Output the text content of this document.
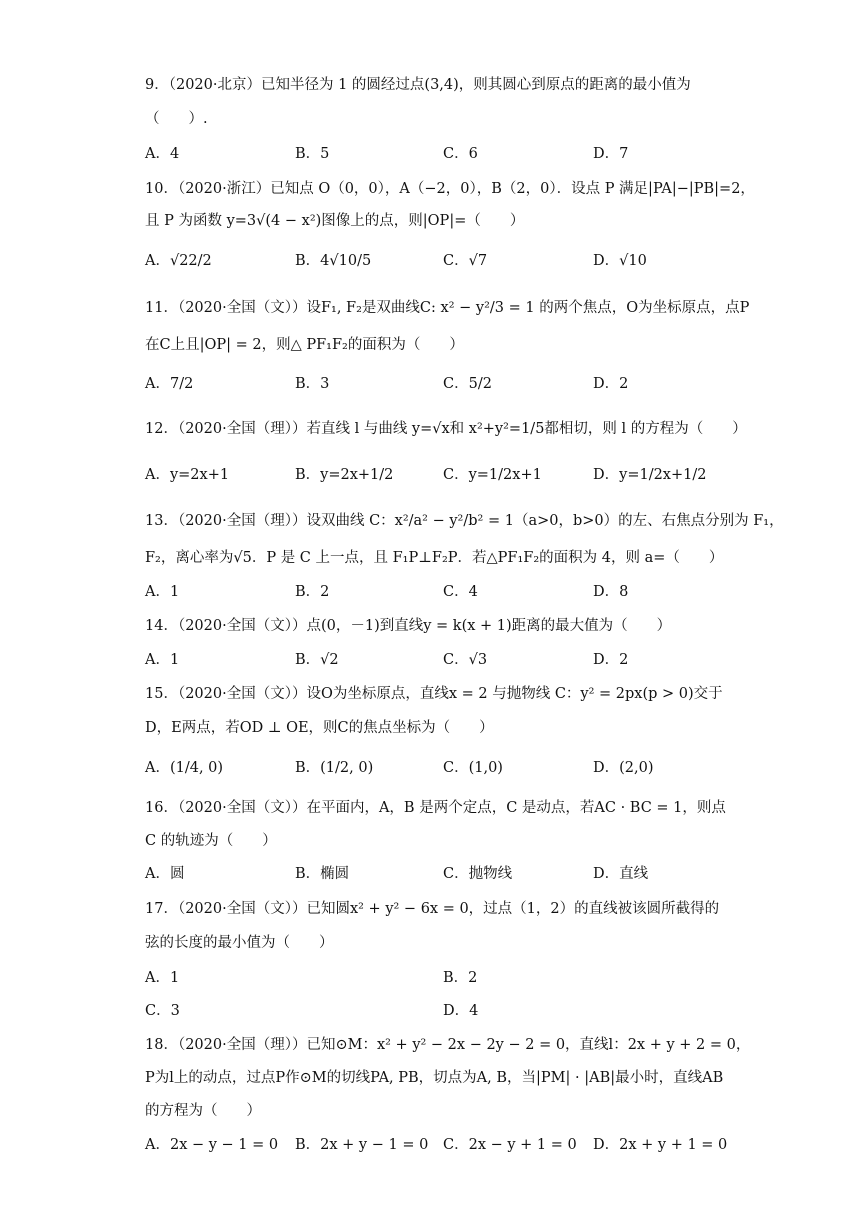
9．（2020·北京）已知半径为 1 的圆经过点(3,4)，则其圆心到原点的距离的最小值为
（　　）.
A．4	B．5	C．6	D．7
10．（2020·浙江）已知点 O（0，0），A（−2，0），B（2，0）．设点 P 满足|PA|−|PB|=2，
且 P 为函数 y=3√(4 − x²)图像上的点，则|OP|=（　　）
A．√22/2	B．4√10/5	C．√7	D．√10
11．（2020·全国（文））设F₁, F₂是双曲线C: x² − y²/3 = 1 的两个焦点，O为坐标原点，点P
在C上且|OP| = 2，则△ PF₁F₂的面积为（　　）
A．7/2	B．3	C．5/2	D．2
12．（2020·全国（理））若直线 l 与曲线 y=√x和 x²+y²=1/5都相切，则 l 的方程为（　　）
A．y=2x+1	B．y=2x+1/2	C．y=1/2x+1	D．y=1/2x+1/2
13．（2020·全国（理））设双曲线 C：x²/a² − y²/b² = 1（a>0，b>0）的左、右焦点分别为 F₁，
F₂，离心率为√5．P 是 C 上一点，且 F₁P⊥F₂P．若△PF₁F₂的面积为 4，则 a=（　　）
A．1	B．2	C．4	D．8
14．（2020·全国（文））点(0，－1)到直线y = k(x + 1)距离的最大值为（　　）
A．1	B．√2	C．√3	D．2
15．（2020·全国（文））设O为坐标原点，直线x = 2 与抛物线 C：y² = 2px(p > 0)交于
D，E两点，若OD ⊥ OE，则C的焦点坐标为（　　）
A．(1/4, 0)	B．(1/2, 0)	C．(1,0)	D．(2,0)
16．（2020·全国（文））在平面内，A，B 是两个定点，C 是动点，若AC · BC = 1，则点
C 的轨迹为（　　）
A．圆	B．椭圆	C．抛物线	D．直线
17．（2020·全国（文））已知圆x² + y² − 6x = 0，过点（1，2）的直线被该圆所截得的
弦的长度的最小值为（　　）
A．1	B．2
C．3	D．4
18．（2020·全国（理））已知⊙M：x² + y² − 2x − 2y − 2 = 0，直线l：2x + y + 2 = 0，
P为l上的动点，过点P作⊙M的切线PA, PB，切点为A, B，当|PM| · |AB|最小时，直线AB
的方程为（　　）
A．2x − y − 1 = 0 B．2x + y − 1 = 0 C．2x − y + 1 = 0 D．2x + y + 1 = 0
